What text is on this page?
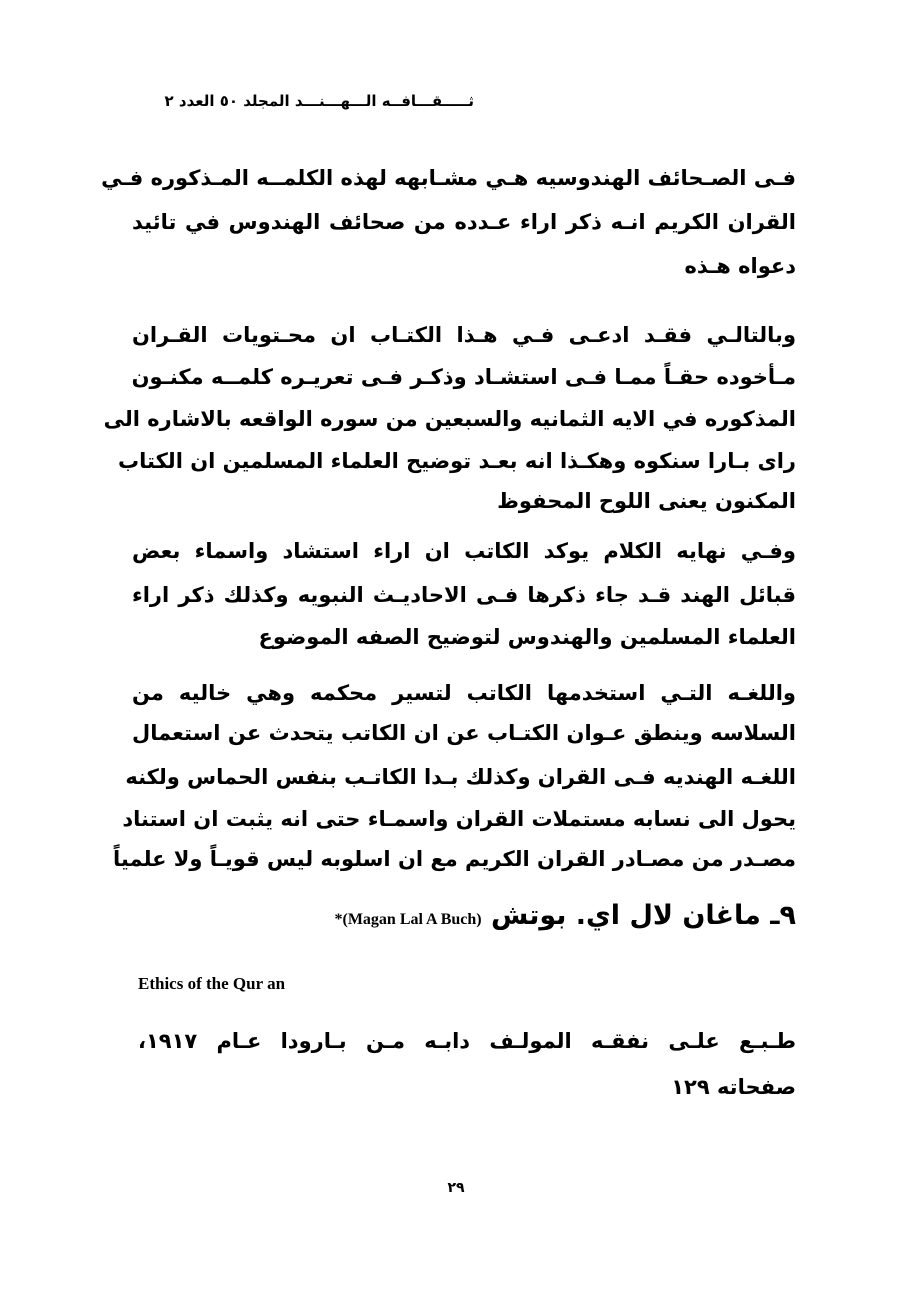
ثـــــقـــافــه الـــهـــنـــد المجلد ٥٠ العدد ٢
فـى الصـحائف الهندوسيه هـي مشـابهه لهذه الكلمــه المـذكوره فـي
القران الكريم انـه ذكر اراء عـدده من صحائف الهندوس في تائيد
دعواه هـذه
وبالتالـي فقـد ادعـى فـي هـذا الكتـاب ان محـتويات القـران
مـأخوده حقـاً ممـا فـى استشـاد وذكـر فـى تعريـره كلمــه مكنـون
المذكوره في الايه الثمانيه والسبعين من سوره الواقعه بالاشاره الى
راى بـارا سنكوه وهكـذا انه بعـد توضيح العلماء المسلمين ان الكتاب
المكنون يعنى اللوح المحفوظ
وفـي نهايه الكلام يوكد الكاتب ان اراء استشاد واسماء بعض
قبائل الهند قـد جاء ذكرها فـى الاحاديـث النبويه وكذلك ذكر اراء
العلماء المسلمين والهندوس لتوضيح الصفه الموضوع
واللغـه التـي استخدمها الكاتب لتسير محكمه وهي خاليه من
السلاسه وينطق عـوان الكتـاب عن ان الكاتب يتحدث عن استعمال
اللغـه الهنديه فـى القران وكذلك بـدا الكاتـب بنفس الحماس ولكنه
يحول الى نسابه مستملات القران واسمـاء حتى انه يثبت ان استناد
مصـدر من مصـادر القران الكريم مع ان اسلوبه ليس قويـاً ولا علمياً
٩ـ ماغان لال اي. بوتش *(Magan Lal A Buch)
Ethics of the Qur an
طـبـع علـى نفقـه المولـف دابـه مـن بـارودا عـام ١٩١٧،
صفحاته ١٢٩
٢٩
